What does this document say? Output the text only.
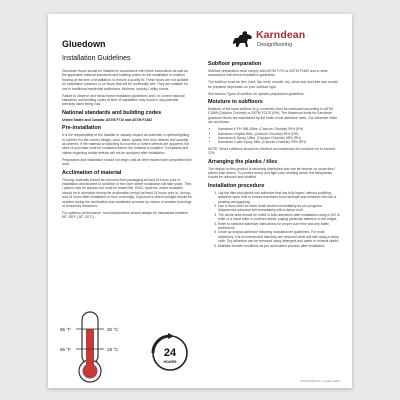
Karndean
Designflooring
Gluedown
Installation Guidelines

Gluedown floors should be installed in accordance with these instructions as well as the applicable national standards and building codes for the installation of resilient flooring at the time of installation, to ensure a quality fit. These floors are not suitable for installation outdoors or on floors that will be continually wet. They are suitable for use in traditional residential bathrooms, kitchens, laundry / utility rooms.

Failure to observe and follow these installation guidelines and / or current national standards and building codes at time of installation may result in any potential warranty claim being void.

National standards and building codes

United States and Canada: ASTM F710 and ASTM F1482

Pre-installation

It is the responsibility of the installer to visually inspect all materials in optimal lighting to confirm it is the correct design, color, batch, quality, free from defects and quantity as ordered. If the material on batching is incorrect or where defects are apparent, the store of purchase must be contacted before the material is installed. Complaints and claims regarding visible defects will not be accepted after installation.

Preparation and installation should not begin until all other trades have completed their work.

Acclimation of material

Flooring materials should be removed from packaging at least 24 hours prior to installation and allowed to condition in the room where installation will take place. Tiles / planks may be stacked but must be rested flat. HVAC systems, where available, should be in operation during the acclimation period (at least 24 hours prior to, during, and 24 hours after installation of floor coverings). Exposure to direct sunlight should be avoided during the acclimation and installation process by means of window coverings or temporary measures.

For optimum performance, room temperature should always be maintained between 65°–85°F (18°–30°C).

85 °F	30 °C
65 °F	18 °C	24
HOURS
Subfloor preparation

Subfloor preparation must comply with ASTM F710 or ASTM F1482 and in strict accordance with these installation guidelines.

The subfloor must be firm, hard, flat, level, smooth, dry, clean and dust free and should be prepared dependant on your subfloor type.

See section Types of subfloor for specific preparation guidelines.

Moisture in subfloors

Moisture of the base subfloor (e.g. concrete) must be measured according to ASTM F1869 (Calcium Chloride) or ASTM F2170 (RH). The Maximum limits for Karndean gluedown floors are maintained by the limits of the adhesive used. Our adhesive limits are as follows:

• Karndean K-PH 998 15lbs. (Calcium Chloride) 95% (RH)
• Karndean Vinyltac 8lbs. (Calcium Chloride) 95% (RH)
• Karndean K-Spray 15lbs. (Calcium Chloride) 95% (RH)
• Karndean 2-part Epoxy 8lbs. (Calcium Chloride) 99% (RH)

NOTE: Wood subfloors should be checked and measured for moisture not to exceed 12%.

Arranging the planks / tiles

The design on this product is randomly distributed and can be heavier on some tiles / planks than others. To prevent heavy and light color shading areas, the tiles/planks should be unboxed and shuffled.

Installation procedure
1. Lay the tiles and planks into adhesive that has fully keyed, without puddling, adhesive open time to ensure maximum bond strength and minimize the risk of peaking and gapping.
2. Use a hand roller for each small section immediately as you progress. Adjacencies adhesive will immediately with a damp cloth.
3. The whole area should be rolled in both directions after installation using a 100 lb roller or a hand roller in confined areas, paying particular attention to the edges.
4. Refer to selected adhesive instructions for proper cure time and any traffic restrictions.
5. Clean up surplus adhesive following manufacturer guidelines. For most adhesives, it is recommended that they are removed while still wet using a damp cloth. Dry adhesive can be removed using detergent and water or mineral spirits.
6. Maintain climate conditions as per acclimation process after installation.
INSTGDBFN01 / August 2022
